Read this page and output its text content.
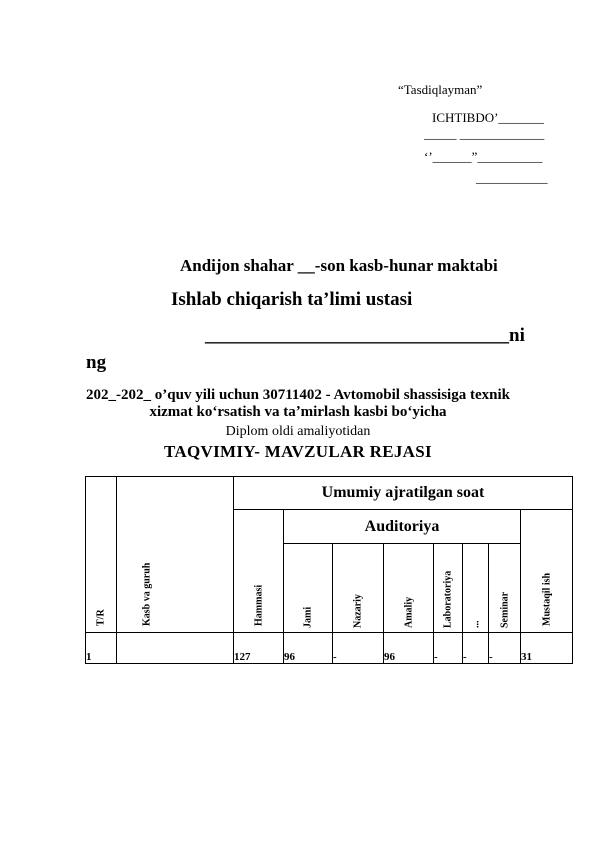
“Tasdiqlayman”
ICHTIBDO’_______
_____ _____________
‘’______”__________
___________
Andijon shahar __-son kasb-hunar maktabi
Ishlab chiqarish ta’limi ustasi
________________________________ni
ng
202_-202_ o’quv yili uchun 30711402 - Avtomobil shassisiga texnik
xizmat koʻrsatish va taʼmirlash kasbi boʻyicha
Diplom oldi amaliyotidan
TAQVIMIY- MAVZULAR REJASI
T/R	Kasb va guruh	Umumiy ajratilgan soat							

		Hammasi	Auditoriya						Mustaqil ish

			Jami	Nazariy	Amaliy	Laboratoriya	...	Seminar	

1		127	96	-	96	-	-	-	31
